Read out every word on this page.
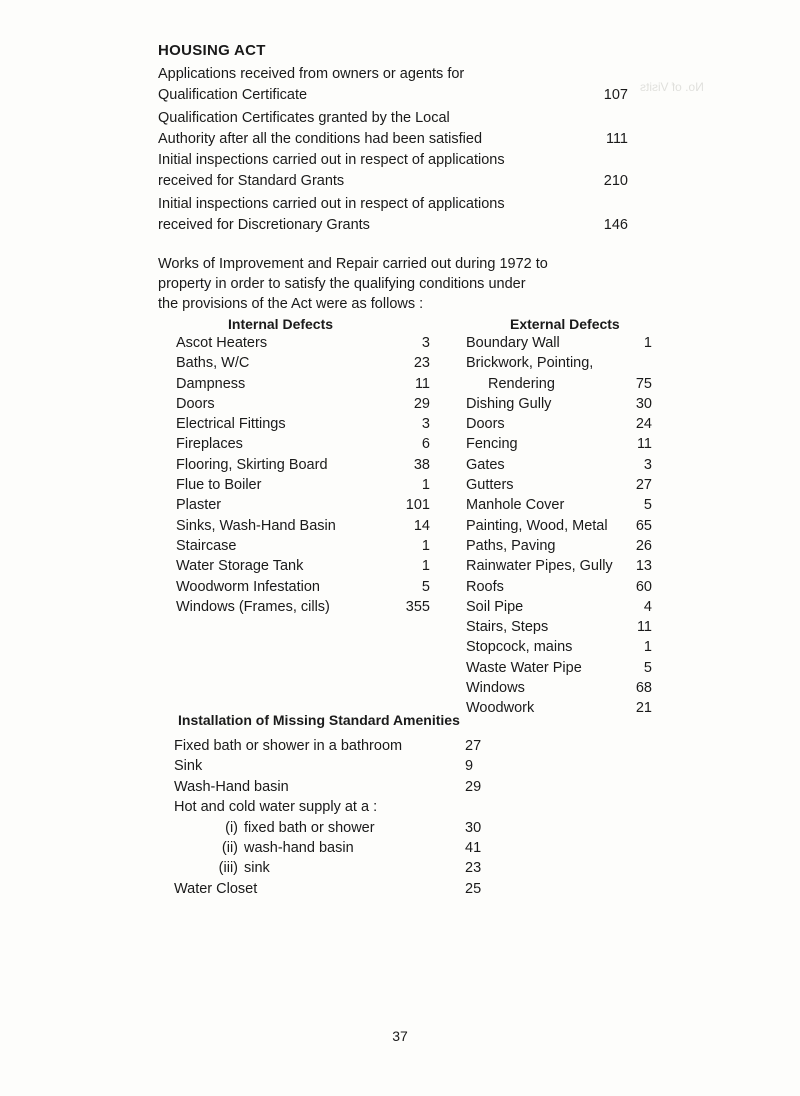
No. of Visits
HOUSING ACT
Applications received from owners or agents for
Qualification Certificate	107
Qualification Certificates granted by the Local
Authority after all the conditions had been satisfied	111
Initial inspections carried out in respect of applications
received for Standard Grants	210
Initial inspections carried out in respect of applications
received for Discretionary Grants	146
Works of Improvement and Repair carried out during 1972 to
property in order to satisfy the qualifying conditions under
the provisions of the Act were as follows :
Internal Defects
Ascot Heaters	3
Baths, W/C	23
Dampness	11
Doors	29
Electrical Fittings	3
Fireplaces	6
Flooring, Skirting Board	38
Flue to Boiler	1
Plaster	101
Sinks, Wash-Hand Basin	14
Staircase	1
Water Storage Tank	1
Woodworm Infestation	5
Windows (Frames, cills)	355
External Defects
Boundary Wall	1
Brickwork, Pointing,
Rendering	75
Dishing Gully	30
Doors	24
Fencing	11
Gates	3
Gutters	27
Manhole Cover	5
Painting, Wood, Metal 65
Paths, Paving	26
Rainwater Pipes, Gully 13
Roofs	60
Soil Pipe	4
Stairs, Steps	11
Stopcock, mains	1
Waste Water Pipe	5
Windows	68
Woodwork	21
Installation of Missing Standard Amenities
Fixed bath or shower in a bathroom	27
Sink	9
Wash-Hand basin	29
Hot and cold water supply at a :
(i) fixed bath or shower	30
(ii) wash-hand basin	41
(iii) sink	23
Water Closet	25
37
